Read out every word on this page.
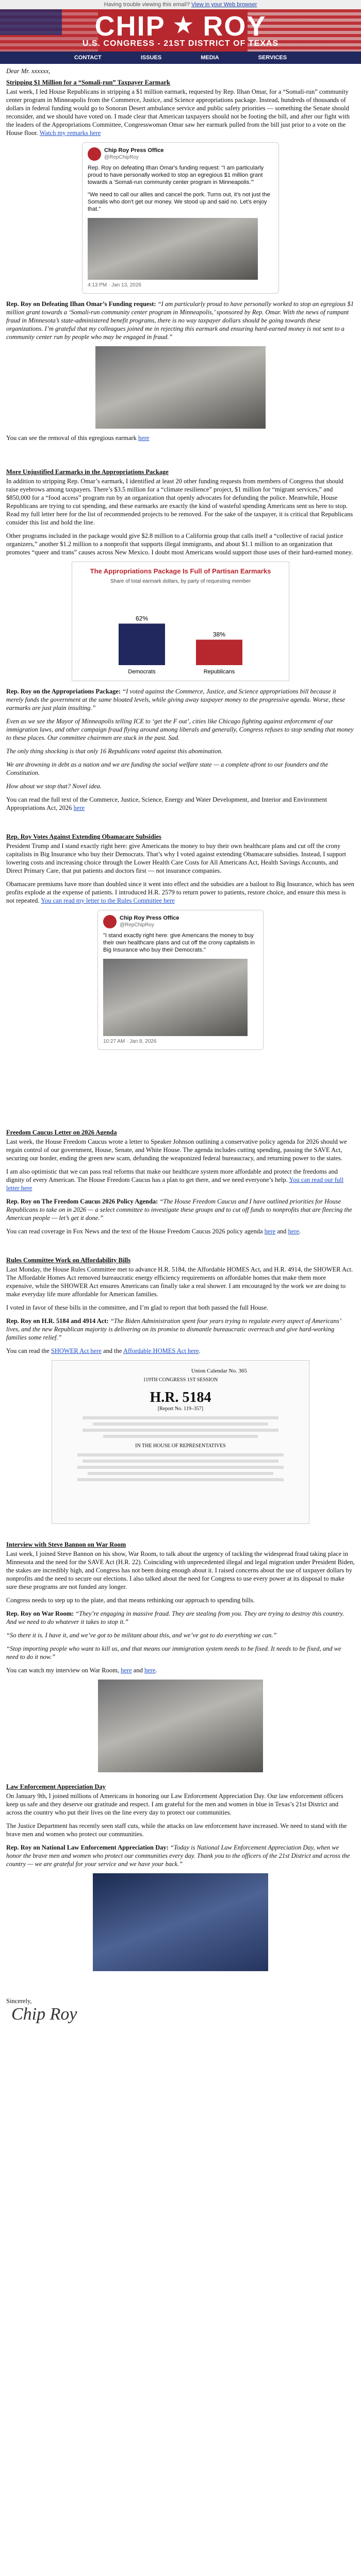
Having trouble viewing this email? View in your Web browser
CHIP ★ ROY
U.S. CONGRESS - 21ST DISTRICT OF TEXAS
CONTACT	ISSUES	MEDIA	SERVICES

Dear Mr. xxxxxx,

Stripping $1 Million for a “Somali-run” Taxpayer Earmark

Last week, I led House Republicans in stripping a $1 million earmark, requested by Rep. Ilhan Omar, for a “Somali-run” community center program in Minneapolis from the Commerce, Justice, and Science appropriations package. Instead, hundreds of thousands of dollars in federal funding would go to Sonoran Desert ambulance service and public safety priorities — something the Senate should reconsider, and we should have voted on. I made clear that American taxpayers should not be footing the bill, and after our fight with the leaders of the Appropriations Committee, Congresswoman Omar saw her earmark pulled from the bill just prior to a vote on the House floor. Watch my remarks here

Chip Roy Press Office
@RepChipRoy

Rep. Roy on defeating Ilhan Omar's funding request: "I am particularly proud to have personally worked to stop an egregious $1 million grant towards a 'Somali-run community center program in Minneapolis.'"

"We need to call our allies and cancel the pork. Turns out, it's not just the Somalis who don't get our money. We stood up and said no. Let's enjoy that."

4:13 PM · Jan 13, 2026

Rep. Roy on Defeating Ilhan Omar’s Funding request: “I am particularly proud to have personally worked to stop an egregious $1 million grant towards a ‘Somali-run community center program in Minneapolis,’ sponsored by Rep. Omar. With the news of rampant fraud in Minnesota’s state-administered benefit programs, there is no way taxpayer dollars should be going towards these organizations. I’m grateful that my colleagues joined me in rejecting this earmark and ensuring hard-earned money is not sent to a community center run by people who may be engaged in fraud.”

You can see the removal of this egregious earmark here

More Unjustified Earmarks in the Appropriations Package

In addition to stripping Rep. Omar’s earmark, I identified at least 20 other funding requests from members of Congress that should raise eyebrows among taxpayers. There’s $3.5 million for a “climate resilience” project, $1 million for “migrant services,” and $850,000 for a “food access” program run by an organization that openly advocates for defunding the police. Meanwhile, House Republicans are trying to cut spending, and these earmarks are exactly the kind of wasteful spending Americans sent us here to stop. Read my full letter here for the list of recommended projects to be removed. For the sake of the taxpayer, it is critical that Republicans consider this list and hold the line.

Other programs included in the package would give $2.8 million to a California group that calls itself a “collective of racial justice organizers,” another $1.2 million to a nonprofit that supports illegal immigrants, and about $1.1 million to an organization that promotes “queer and trans” causes across New Mexico. I doubt most Americans would support those uses of their hard-earned money.

The Appropriations Package Is Full of Partisan Earmarks
Share of total earmark dollars, by party of requesting member
62%
Democrats
38%
Republicans

Rep. Roy on the Appropriations Package: “I voted against the Commerce, Justice, and Science appropriations bill because it merely funds the government at the same bloated levels, while giving away taxpayer money to the progressive agenda. Worse, these earmarks are just plain insulting.”

Even as we see the Mayor of Minneapolis telling ICE to ‘get the F out’, cities like Chicago fighting against enforcement of our immigration laws, and other campaign fraud flying around among liberals and generally, Congress refuses to stop sending that money to these places. Our committee chairmen are stuck in the past. Sad.

The only thing shocking is that only 16 Republicans voted against this abomination.

We are drowning in debt as a nation and we are funding the social welfare state — a complete afront to our founders and the Constitution.

How about we stop that? Novel idea.

You can read the full text of the Commerce, Justice, Science, Energy and Water Development, and Interior and Environment Appropriations Act, 2026 here

Rep. Roy Votes Against Extending Obamacare Subsidies

President Trump and I stand exactly right here: give Americans the money to buy their own healthcare plans and cut off the crony capitalists in Big Insurance who buy their Democrats. That’s why I voted against extending Obamacare subsidies. Instead, I support lowering costs and increasing choice through the Lower Health Care Costs for All Americans Act, Health Savings Accounts, and Direct Primary Care, that put patients and doctors first — not insurance companies.

Obamacare premiums have more than doubled since it went into effect and the subsidies are a bailout to Big Insurance, which has seen profits explode at the expense of patients. I introduced H.R. 2579 to return power to patients, restore choice, and ensure this mess is not repeated. You can read my letter to the Rules Committee here

Chip Roy Press Office
@RepChipRoy

"I stand exactly right here: give Americans the money to buy their own healthcare plans and cut off the crony capitalists in Big Insurance who buy their Democrats."

10:27 AM · Jan 8, 2026
Freedom Caucus Letter on 2026 Agenda

Last week, the House Freedom Caucus wrote a letter to Speaker Johnson outlining a conservative policy agenda for 2026 should we regain control of our government, House, Senate, and White House. The agenda includes cutting spending, passing the SAVE Act, securing our border, ending the green new scam, defunding the weaponized federal bureaucracy, and returning power to the states.

I am also optimistic that we can pass real reforms that make our healthcare system more affordable and protect the freedoms and dignity of every American. The House Freedom Caucus has a plan to get there, and we need everyone’s help. You can read our full letter here

Rep. Roy on The Freedom Caucus 2026 Policy Agenda: “The House Freedom Caucus and I have outlined priorities for House Republicans to take on in 2026 — a select committee to investigate these groups and to cut off funds to nonprofits that are fleecing the American people — let’s get it done.”

You can read coverage in Fox News and the text of the House Freedom Caucus 2026 policy agenda here and here.

Rules Committee Work on Affordability Bills

Last Monday, the House Rules Committee met to advance H.R. 5184, the Affordable HOMES Act, and H.R. 4914, the SHOWER Act. The Affordable Homes Act removed bureaucratic energy efficiency requirements on affordable homes that make them more expensive, while the SHOWER Act ensures Americans can finally take a real shower. I am encouraged by the work we are doing to make everyday life more affordable for American families.

I voted in favor of these bills in the committee, and I’m glad to report that both passed the full House.

Rep. Roy on H.R. 5184 and 4914 Act: “The Biden Administration spent four years trying to regulate every aspect of Americans’ lives, and the new Republican majority is delivering on its promise to dismantle bureaucratic overreach and give hard-working families some relief.”

You can read the SHOWER Act here and the Affordable HOMES Act here.

Union Calendar No. 365
119TH CONGRESS 1ST SESSION
H.R. 5184
[Report No. 119–357]
IN THE HOUSE OF REPRESENTATIVES
Interview with Steve Bannon on War Room

Last week, I joined Steve Bannon on his show, War Room, to talk about the urgency of tackling the widespread fraud taking place in Minnesota and the need for the SAVE Act (H.R. 22). Coinciding with unprecedented illegal and legal migration under President Biden, the stakes are incredibly high, and Congress has not been doing enough about it. I raised concerns about the use of taxpayer dollars by nonprofits and the need to secure our elections. I also talked about the need for Congress to use every power at its disposal to make sure these programs are not funded any longer.

Congress needs to step up to the plate, and that means rethinking our approach to spending bills.

Rep. Roy on War Room: “They’re engaging in massive fraud. They are stealing from you. They are trying to destroy this country. And we need to do whatever it takes to stop it.”

“So there it is. I have it, and we’ve got to be militant about this, and we’ve got to do everything we can.”

“Stop importing people who want to kill us, and that means our immigration system needs to be fixed. It needs to be fixed, and we need to do it now.”

You can watch my interview on War Room, here and here.

Law Enforcement Appreciation Day

On January 9th, I joined millions of Americans in honoring our Law Enforcement Appreciation Day. Our law enforcement officers keep us safe and they deserve our gratitude and respect. I am grateful for the men and women in blue in Texas’s 21st District and across the country who put their lives on the line every day to protect our communities.

The Justice Department has recently seen staff cuts, while the attacks on law enforcement have increased. We need to stand with the brave men and women who protect our communities.

Rep. Roy on National Law Enforcement Appreciation Day: “Today is National Law Enforcement Appreciation Day, when we honor the brave men and women who protect our communities every day. Thank you to the officers of the 21st District and across the country — we are grateful for your service and we have your back.”

Sincerely,

Chip Roy
